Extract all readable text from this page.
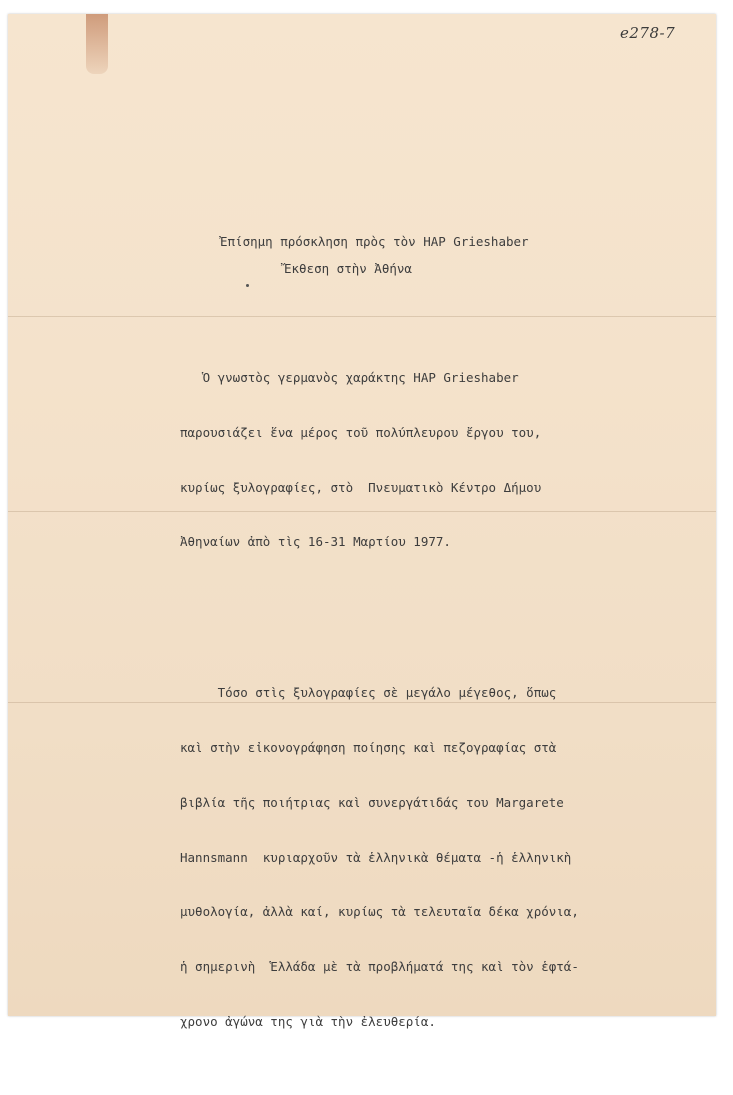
e278-7
Ἐπίσημη πρόσκληση πρὸς τὸν HAP Grieshaber
Ἔκθεση στὴν Ἀθήνα

Ὁ γνωστὸς γερμανὸς χαράκτης HAP Grieshaber

παρουσιάζει ἕνα μέρος τοῦ πολύπλευρου ἔργου του,

κυρίως ξυλογραφίες, στὸ  Πνευματικὸ Κέντρο Δήμου

Ἀθηναίων ἀπὸ τὶς 16-31 Μαρτίου 1977.

Τόσο στὶς ξυλογραφίες σὲ μεγάλο μέγεθος, ὅπως

καὶ στὴν εἰκονογράφηση ποίησης καὶ πεζογραφίας στὰ

βιβλία τῆς ποιήτριας καὶ συνεργάτιδάς του Margarete

Hannsmann  κυριαρχοῦν τὰ ἑλληνικὰ θέματα -ἡ ἑλληνικὴ

μυθολογία, ἀλλὰ καί, κυρίως τὰ τελευταῖα δέκα χρόνια,

ἡ σημερινὴ  Ἑλλάδα μὲ τὰ προβλήματά της καὶ τὸν ἑφτά-

χρονο ἀγώνα της γιὰ τὴν ἐλευθερία.
